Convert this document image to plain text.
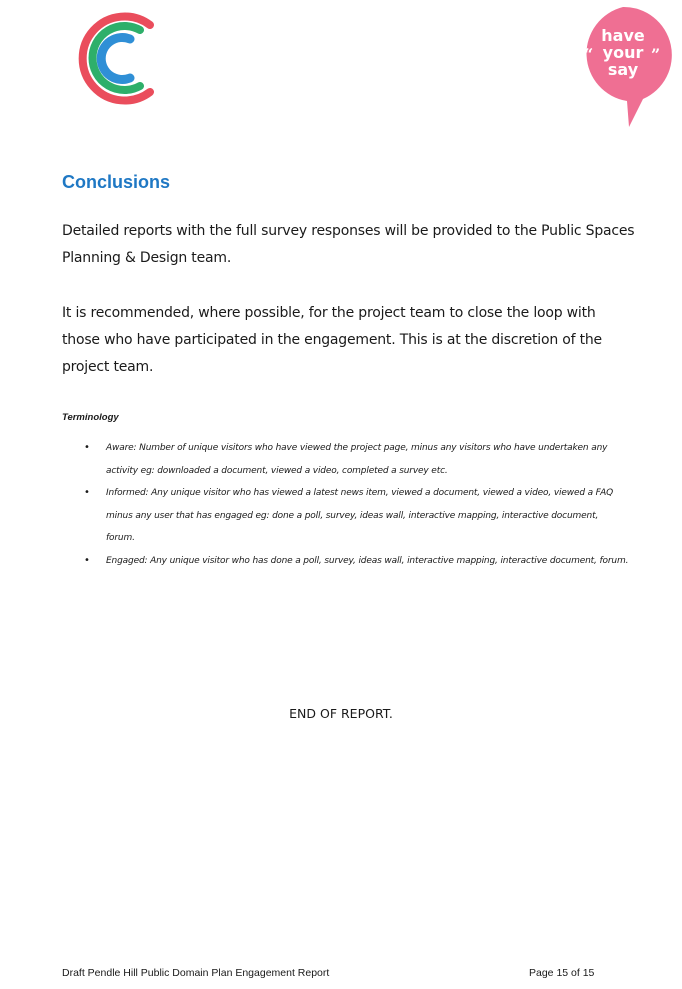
have
your
say
“	”
Conclusions

Detailed reports with the full survey responses will be provided to the Public Spaces Planning & Design team.

It is recommended, where possible, for the project team to close the loop with those who have participated in the engagement. This is at the discretion of the project team.

Terminology
• Aware: Number of unique visitors who have viewed the project page, minus any visitors who have undertaken any activity eg: downloaded a document, viewed a video, completed a survey etc.
• Informed: Any unique visitor who has viewed a latest news item, viewed a document, viewed a video, viewed a FAQ minus any user that has engaged eg: done a poll, survey, ideas wall, interactive mapping, interactive document, forum.
• Engaged: Any unique visitor who has done a poll, survey, ideas wall, interactive mapping, interactive document, forum.

END OF REPORT.

Draft Pendle Hill Public Domain Plan Engagement Report	Page 15 of 15
